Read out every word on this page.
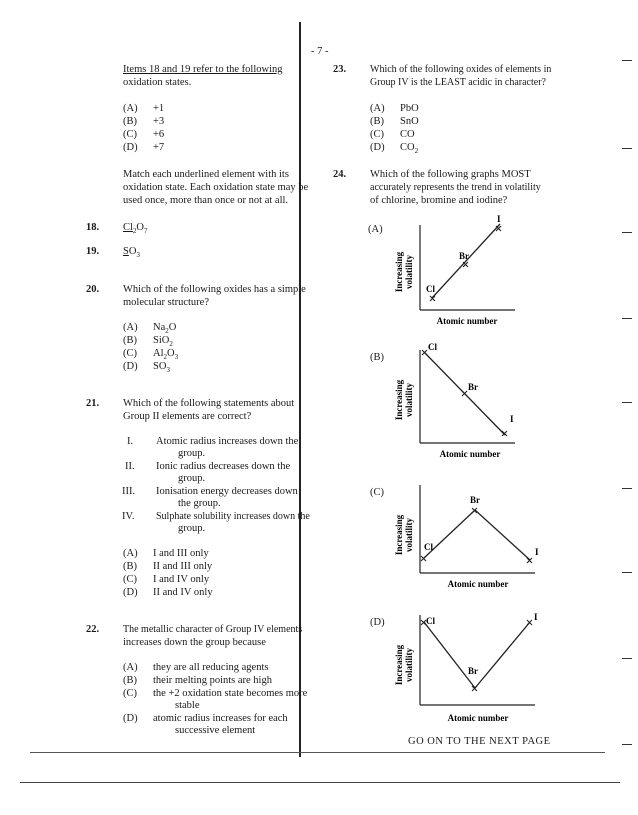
- 7 -
Items 18 and 19 refer to the following
oxidation states.
(A) +1
(B) +3
(C) +6
(D) +7
Match each underlined element with its
oxidation state. Each oxidation state may be
used once, more than once or not at all.
18. $Cl_2O_7$
19. $SO_3$
20. Which of the following oxides has a simple
molecular structure?
(A) $Na_2O$
(B) SiO$_2$
(C) $Al_2O_3$
(D) $SO_3$
21. Which of the following statements about
Group II elements are correct?
I. Atomic radius increases down the
group.
II. Ionic radius decreases down the
group.
III. Ionisation energy decreases down
the group.
IV. Sulphate solubility increases down the
group.
(A) I and III only
(B) II and III only
(C) I and IV only
(D) II and IV only
22. The metallic character of Group IV elements
increases down the group because
(A) they are all reducing agents
(B) their melting points are high
(C) the +2 oxidation state becomes more
stable
(D) atomic radius increases for each
successive element
23. Which of the following oxides of elements in
Group IV is the LEAST acidic in character?
(A) PbO
(B) SnO
(C) CO
(D) $CO_2$
24. Which of the following graphs MOST
accurately represents the trend in volatility
of chlorine, bromine and iodine?
(A)
(B)
(C)
(D)
Increasing volatility Cl
Br
I
Atomic number
Increasing volatility
Cl
Br
I
Atomic number
Increasing volatility Cl
Br
I
Atomic number
Increasing volatility
Cl
Br
I
Atomic number
GO ON TO THE NEXT PAGE
